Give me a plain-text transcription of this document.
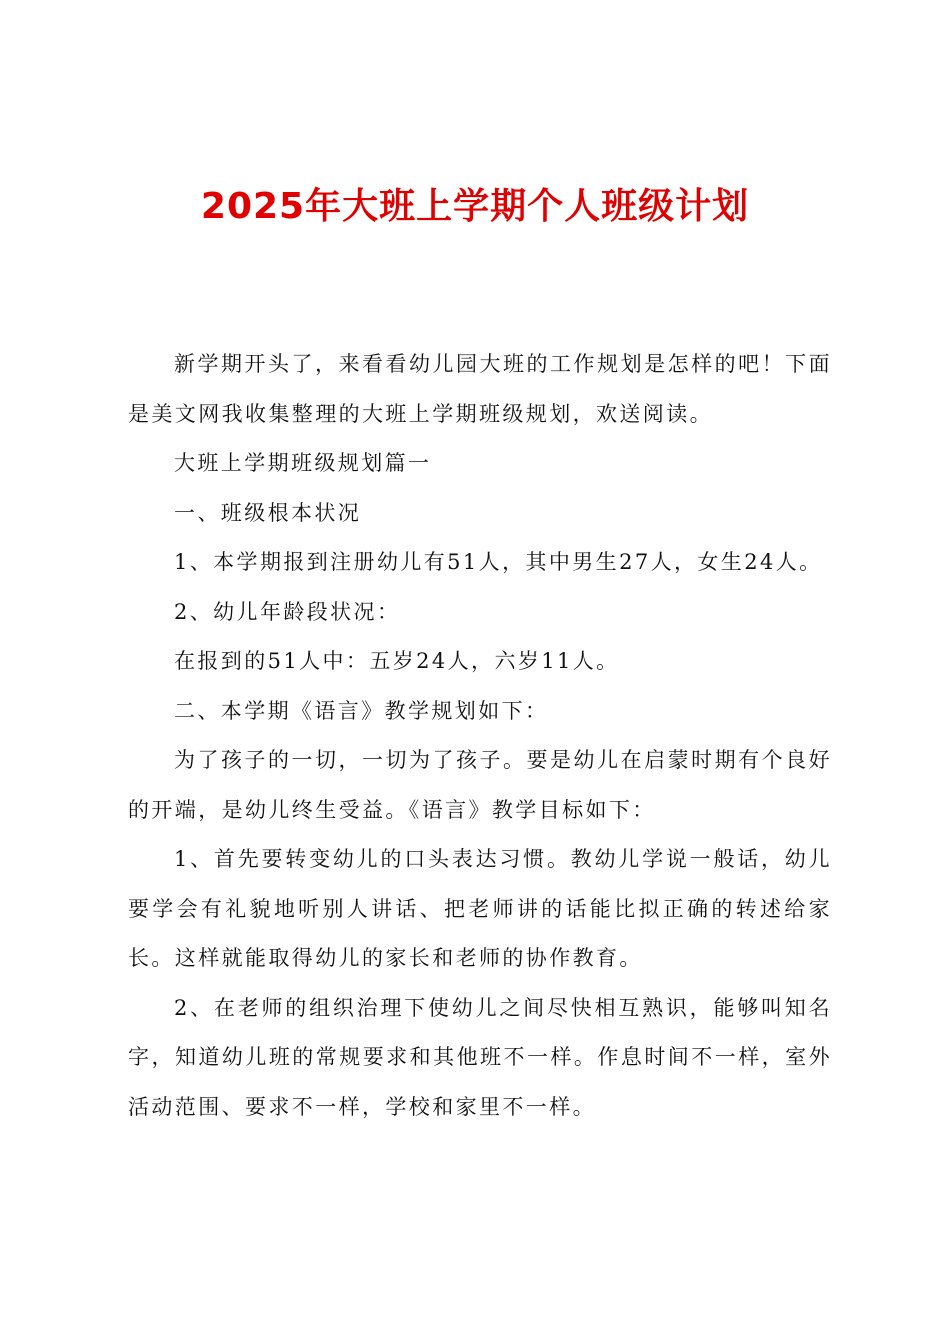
2025年大班上学期个人班级计划

新学期开头了，来看看幼儿园大班的工作规划是怎样的吧！下面是美文网我收集整理的大班上学期班级规划，欢送阅读。

大班上学期班级规划篇一

一、班级根本状况

1、本学期报到注册幼儿有51人，其中男生27人，女生24人。

2、幼儿年龄段状况：

在报到的51人中：五岁24人，六岁11人。

二、本学期《语言》教学规划如下：

为了孩子的一切，一切为了孩子。要是幼儿在启蒙时期有个良好的开端，是幼儿终生受益。《语言》教学目标如下：

1、首先要转变幼儿的口头表达习惯。教幼儿学说一般话，幼儿要学会有礼貌地听别人讲话、把老师讲的话能比拟正确的转述给家长。这样就能取得幼儿的家长和老师的协作教育。

2、在老师的组织治理下使幼儿之间尽快相互熟识，能够叫知名字，知道幼儿班的常规要求和其他班不一样。作息时间不一样，室外活动范围、要求不一样，学校和家里不一样。
